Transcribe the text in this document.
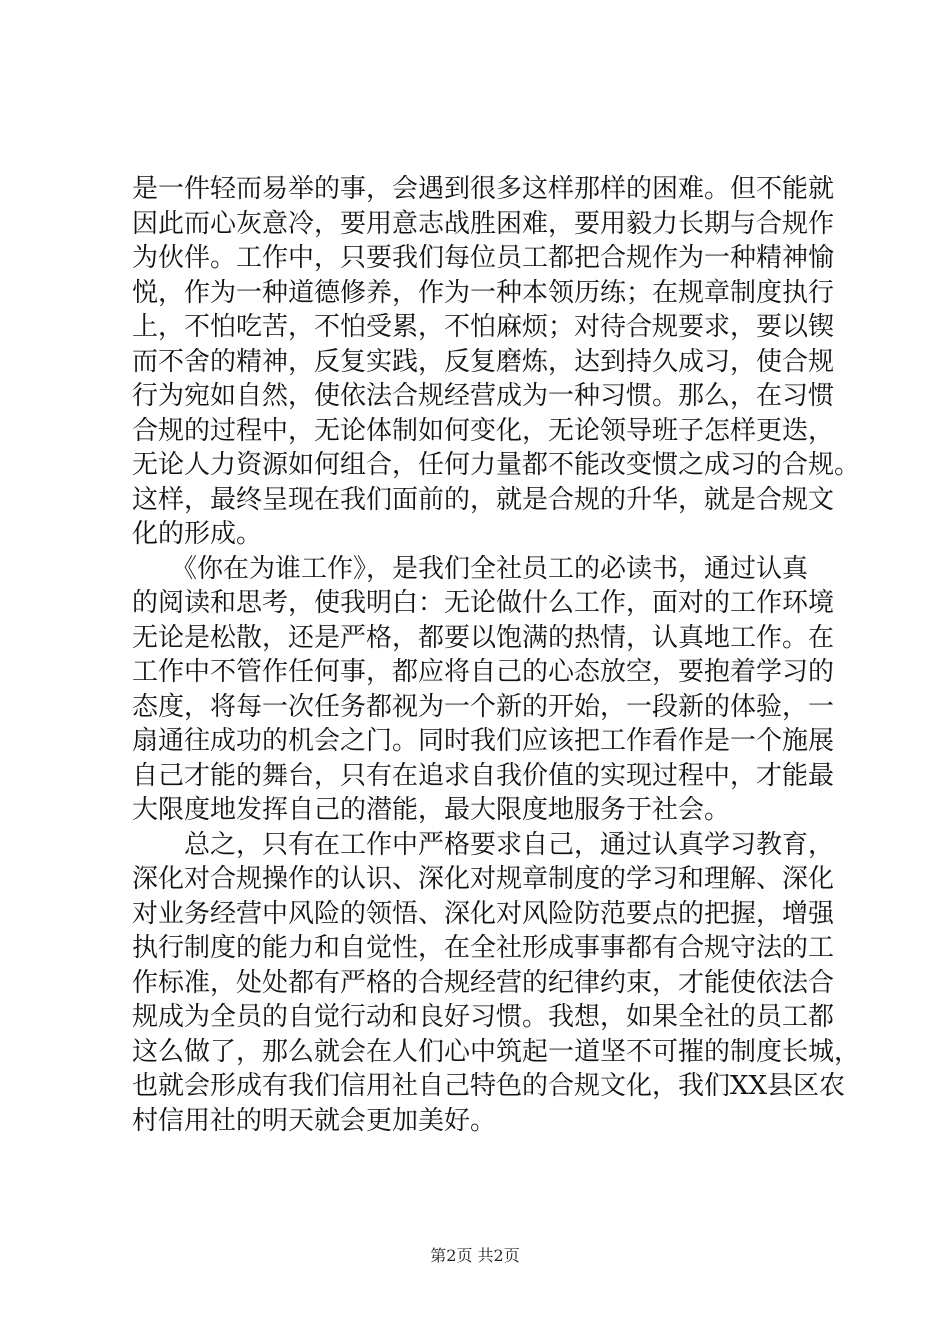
是一件轻而易举的事，会遇到很多这样那样的困难。但不能就
因此而心灰意冷，要用意志战胜困难，要用毅力长期与合规作
为伙伴。工作中，只要我们每位员工都把合规作为一种精神愉
悦，作为一种道德修养，作为一种本领历练；在规章制度执行
上，不怕吃苦，不怕受累，不怕麻烦；对待合规要求，要以锲
而不舍的精神，反复实践，反复磨炼，达到持久成习，使合规
行为宛如自然，使依法合规经营成为一种习惯。那么，在习惯
合规的过程中，无论体制如何变化，无论领导班子怎样更迭，
无论人力资源如何组合，任何力量都不能改变惯之成习的合规。
这样，最终呈现在我们面前的，就是合规的升华，就是合规文
化的形成。
　　《你在为谁工作》，是我们全社员工的必读书，通过认真
的阅读和思考，使我明白：无论做什么工作，面对的工作环境
无论是松散，还是严格，都要以饱满的热情，认真地工作。在
工作中不管作任何事，都应将自己的心态放空，要抱着学习的
态度，将每一次任务都视为一个新的开始，一段新的体验，一
扇通往成功的机会之门。同时我们应该把工作看作是一个施展
自己才能的舞台，只有在追求自我价值的实现过程中，才能最
大限度地发挥自己的潜能，最大限度地服务于社会。
　　总之，只有在工作中严格要求自己，通过认真学习教育，
深化对合规操作的认识、深化对规章制度的学习和理解、深化
对业务经营中风险的领悟、深化对风险防范要点的把握，增强
执行制度的能力和自觉性，在全社形成事事都有合规守法的工
作标准，处处都有严格的合规经营的纪律约束，才能使依法合
规成为全员的自觉行动和良好习惯。我想，如果全社的员工都
这么做了，那么就会在人们心中筑起一道坚不可摧的制度长城，
也就会形成有我们信用社自己特色的合规文化，我们XX县区农
村信用社的明天就会更加美好。
第2页 共2页
